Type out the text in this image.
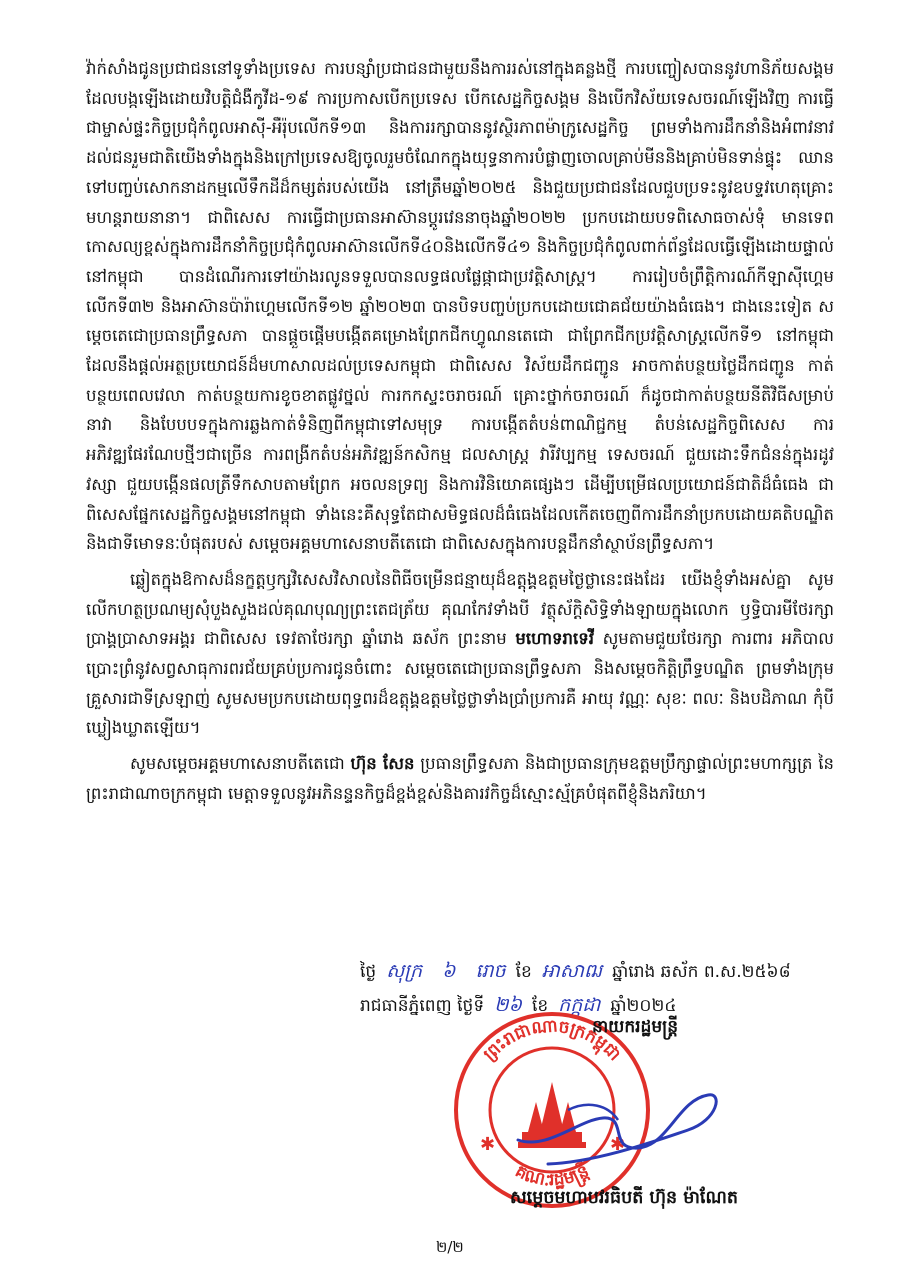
វ៉ាក់សាំងជូនប្រជាជននៅទូទាំងប្រទេស ការបន្សាំប្រជាជនជាមួយនឹងការរស់នៅក្នុងគន្លងថ្មី ការបញ្ចៀសបាននូវហានិភ័យសង្គមដែលបង្កឡើងដោយវិបត្តិជំងឺកូវីដ-១៩ ការប្រកាសបើកប្រទេស បើកសេដ្ឋកិច្ចសង្គម និងបើកវិស័យទេសចរណ៍ឡើងវិញ ការធ្វើជាម្ចាស់ផ្ទះកិច្ចប្រជុំកំពូលអាស៊ី-អឺរ៉ុបលើកទី១៣ និងការរក្សាបាននូវស្ថិរភាពម៉ាក្រូសេដ្ឋកិច្ច ព្រមទាំងការដឹកនាំនិងអំពាវនាវដល់ជនរួមជាតិយើងទាំងក្នុងនិងក្រៅប្រទេសឱ្យចូលរួមចំណែកក្នុងយុទ្ធនាការបំផ្លាញចោលគ្រាប់មីននិងគ្រាប់មិនទាន់ផ្ទុះ ឈានទៅបញ្ចប់សោកនាដកម្មលើទឹកដីដ៏កម្សត់របស់យើង នៅត្រឹមឆ្នាំ២០២៥ និងជួយប្រជាជនដែលជួបប្រទះនូវឧបទ្ទវហេតុគ្រោះមហន្តរាយនានា។ ជាពិសេស ការធ្វើជាប្រធានអាស៊ានប្តូរវេននាចុងឆ្នាំ២០២២ ប្រកបដោយបទពិសោធចាស់ទុំ មានទេពកោសល្យខ្ពស់ក្នុងការដឹកនាំកិច្ចប្រជុំកំពូលអាស៊ានលើកទី៤០និងលើកទី៤១ និងកិច្ចប្រជុំកំពូលពាក់ព័ន្ធដែលធ្វើឡើងដោយផ្ទាល់នៅកម្ពុជា បានដំណើរការទៅយ៉ាងរលូនទទួលបានលទ្ធផលផ្លែផ្កាជាប្រវត្តិសាស្ត្រ។ ការរៀបចំព្រឹត្តិការណ៍កីឡាស៊ីហ្គេមលើកទី៣២ និងអាស៊ានប៉ារ៉ាហ្គេមលើកទី១២ ឆ្នាំ២០២៣ បានបិទបញ្ចប់ប្រកបដោយជោគជ័យយ៉ាងធំធេង។ ជាងនេះទៀត សម្តេចតេជោប្រធានព្រឹទ្ធសភា បានផ្តួចផ្តើមបង្កើតគម្រោងព្រែកជីកហ្វូណនតេជោ ជាព្រែកជីកប្រវត្តិសាស្ត្រលើកទី១ នៅកម្ពុជា ដែលនឹងផ្តល់អត្ថប្រយោជន៍ដ៏មហាសាលដល់ប្រទេសកម្ពុជា ជាពិសេស វិស័យដឹកជញ្ជូន អាចកាត់បន្ថយថ្លៃដឹកជញ្ជូន កាត់បន្ថយពេលវេលា កាត់បន្ថយការខូចខាតផ្លូវថ្នល់ ការកកស្ទះចរាចរណ៍ គ្រោះថ្នាក់ចរាចរណ៍ ក៏ដូចជាកាត់បន្ថយនីតិវិធីសម្រាប់នាវា និងបែបបទក្នុងការឆ្លងកាត់ទំនិញពីកម្ពុជាទៅសមុទ្រ ការបង្កើតតំបន់ពាណិជ្ជកម្ម តំបន់សេដ្ឋកិច្ចពិសេស ការអភិវឌ្ឍផែរណែបថ្មីៗជាច្រើន ការពង្រីកតំបន់អភិវឌ្ឍន៍កសិកម្ម ជលសាស្ត្រ វារីវប្បកម្ម ទេសចរណ៍ ជួយដោះទឹកជំនន់ក្នុងរដូវវស្សា ជួយបង្កើនផលត្រីទឹកសាបតាមព្រែក អចលនទ្រព្យ និងការវិនិយោគផ្សេងៗ ដើម្បីបម្រើផលប្រយោជន៍ជាតិដ៏ធំធេង ជាពិសេសផ្នែកសេដ្ឋកិច្ចសង្គមនៅកម្ពុជា ទាំងនេះគឺសុទ្ធតែជាសមិទ្ធផលដ៏ធំធេងដែលកើតចេញពីការដឹកនាំប្រកបដោយគតិបណ្ឌិតនិងជាទីមោទនៈបំផុតរបស់ សម្តេចអគ្គមហាសេនាបតីតេជោ ជាពិសេសក្នុងការបន្តដឹកនាំស្ថាប័នព្រឹទ្ធសភា។

ឆ្លៀតក្នុងឱកាសដ៏នក្ខត្តឫក្សវិសេសវិសាលនៃពិធីចម្រើនជន្មាយុដ៏ឧត្តុង្គឧត្តមថ្ងៃថ្លានេះផងដែរ យើងខ្ញុំទាំងអស់គ្នា សូមលើកហត្ថប្រណម្យសុំបួងសួងដល់គុណបុណ្យព្រះតេជត្រ័យ គុណកែវទាំងបី វត្ថុស័ក្តិសិទ្ធិទាំងឡាយក្នុងលោក ឫទ្ធិបារមីថែរក្សាប្រាង្គប្រាសាទអង្គរ ជាពិសេស ទេវតាថែរក្សា ឆ្នាំរោង ឆស័ក ព្រះនាម មហោទរាទេវី សូមតាមជួយថែរក្សា ការពារ អភិបាល ប្រោះព្រំនូវសព្វសាធុការពរជ័យគ្រប់ប្រការជូនចំពោះ សម្តេចតេជោប្រធានព្រឹទ្ធសភា និងសម្តេចកិត្តិព្រឹទ្ធបណ្ឌិត ព្រមទាំងក្រុមគ្រួសារជាទីស្រឡាញ់ សូមសមប្រកបដោយពុទ្ធពរដ៏ឧត្តុង្គឧត្តមថ្លៃថ្លាទាំងប្រាំប្រការគឺ អាយុ វណ្ណៈ សុខៈ ពលៈ និងបដិភាណ កុំបីឃ្លៀងឃ្លាតឡើយ។

សូមសម្តេចអគ្គមហាសេនាបតីតេជោ ហ៊ុន សែន ប្រធានព្រឹទ្ធសភា និងជាប្រធានក្រុមឧត្តមប្រឹក្សាផ្ទាល់ព្រះមហាក្សត្រ នៃព្រះរាជាណាចក្រកម្ពុជា មេត្តាទទួលនូវអភិនន្ទនកិច្ចដ៏ខ្ពង់ខ្ពស់និងគារវកិច្ចដ៏ស្មោះស្ម័គ្របំផុតពីខ្ញុំនិងភរិយា។

ថ្ងៃ សុក្រ ៦ រោច ខែ អាសាឍ ឆ្នាំរោង ឆស័ក ព.ស.២៥៦៨
រាជធានីភ្នំពេញ ថ្ងៃទី ២៦ ខែ កក្កដា ឆ្នាំ២០២៤
ព្រះរាជាណាចក្រកម្ពុជា
គណៈរដ្ឋមន្ត្រី
✱	✱
នាយករដ្ឋមន្ត្រី
សម្តេចមហាបវរធិបតី ហ៊ុន ម៉ាណែត
២/២
